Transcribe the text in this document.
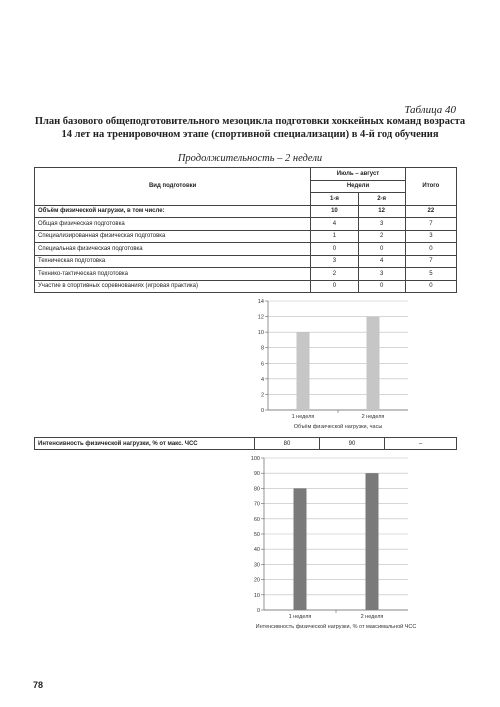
Таблица 40
План базового общеподготовительного мезоцикла подготовки хоккейных команд возраста 14 лет на тренировочном этапе (спортивной специализации) в 4-й год обучения
Продолжительность – 2 недели
Вид подготовки	Июль – август		Итого
	Недели		
	1-я	2-я	
Объём физической нагрузки, в том числе:	10	12	22
Общая физическая подготовка	4	3	7
Специализированная физическая подготовка	1	2	3
Специальная физическая подготовка	0	0	0
Техническая подготовка	3	4	7
Технико-тактическая подготовка	2	3	5
Участие в спортивных соревнованиях (игровая практика)	0	0	0
0
2
4
6
8
10
12
14
1 неделя	2 неделя
Объём физической нагрузки, часы
Интенсивность физической нагрузки, % от макс. ЧСС	80	90	–
0
10
20
30
40
50
60
70
80
90
100
1 неделя	2 неделя
Интенсивность физической нагрузки, % от максимальной ЧСС
78
